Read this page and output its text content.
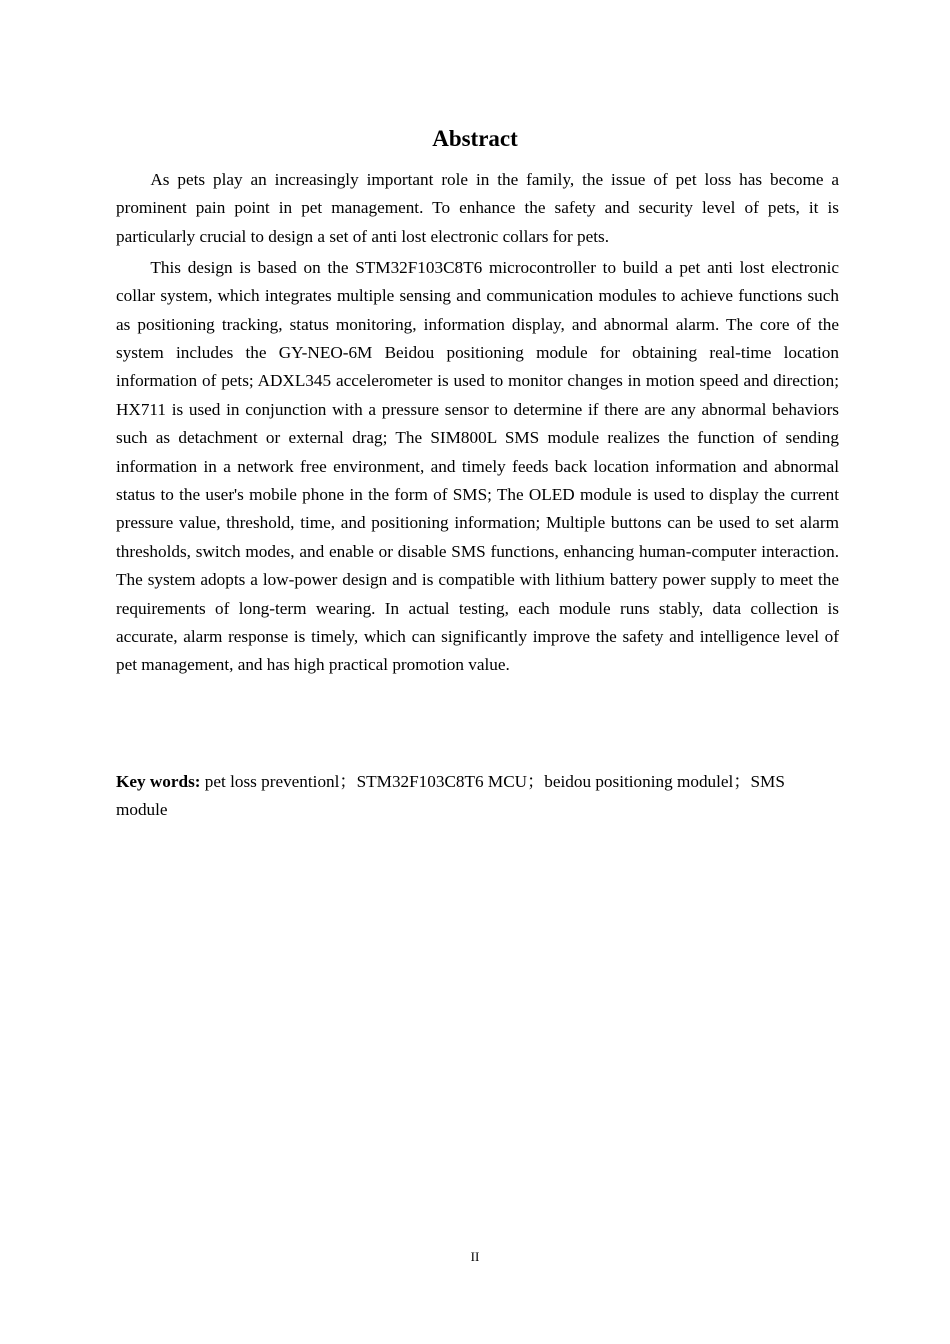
Abstract

As pets play an increasingly important role in the family, the issue of pet loss has become a prominent pain point in pet management. To enhance the safety and security level of pets, it is particularly crucial to design a set of anti lost electronic collars for pets.

This design is based on the STM32F103C8T6 microcontroller to build a pet anti lost electronic collar system, which integrates multiple sensing and communication modules to achieve functions such as positioning tracking, status monitoring, information display, and abnormal alarm. The core of the system includes the GY-NEO-6M Beidou positioning module for obtaining real-time location information of pets; ADXL345 accelerometer is used to monitor changes in motion speed and direction; HX711 is used in conjunction with a pressure sensor to determine if there are any abnormal behaviors such as detachment or external drag; The SIM800L SMS module realizes the function of sending information in a network free environment, and timely feeds back location information and abnormal status to the user's mobile phone in the form of SMS; The OLED module is used to display the current pressure value, threshold, time, and positioning information; Multiple buttons can be used to set alarm thresholds, switch modes, and enable or disable SMS functions, enhancing human-computer interaction. The system adopts a low-power design and is compatible with lithium battery power supply to meet the requirements of long-term wearing. In actual testing, each module runs stably, data collection is accurate, alarm response is timely, which can significantly improve the safety and intelligence level of pet management, and has high practical promotion value.

Key words: pet loss preventionl；STM32F103C8T6 MCU；beidou positioning modulel；SMS module
II
